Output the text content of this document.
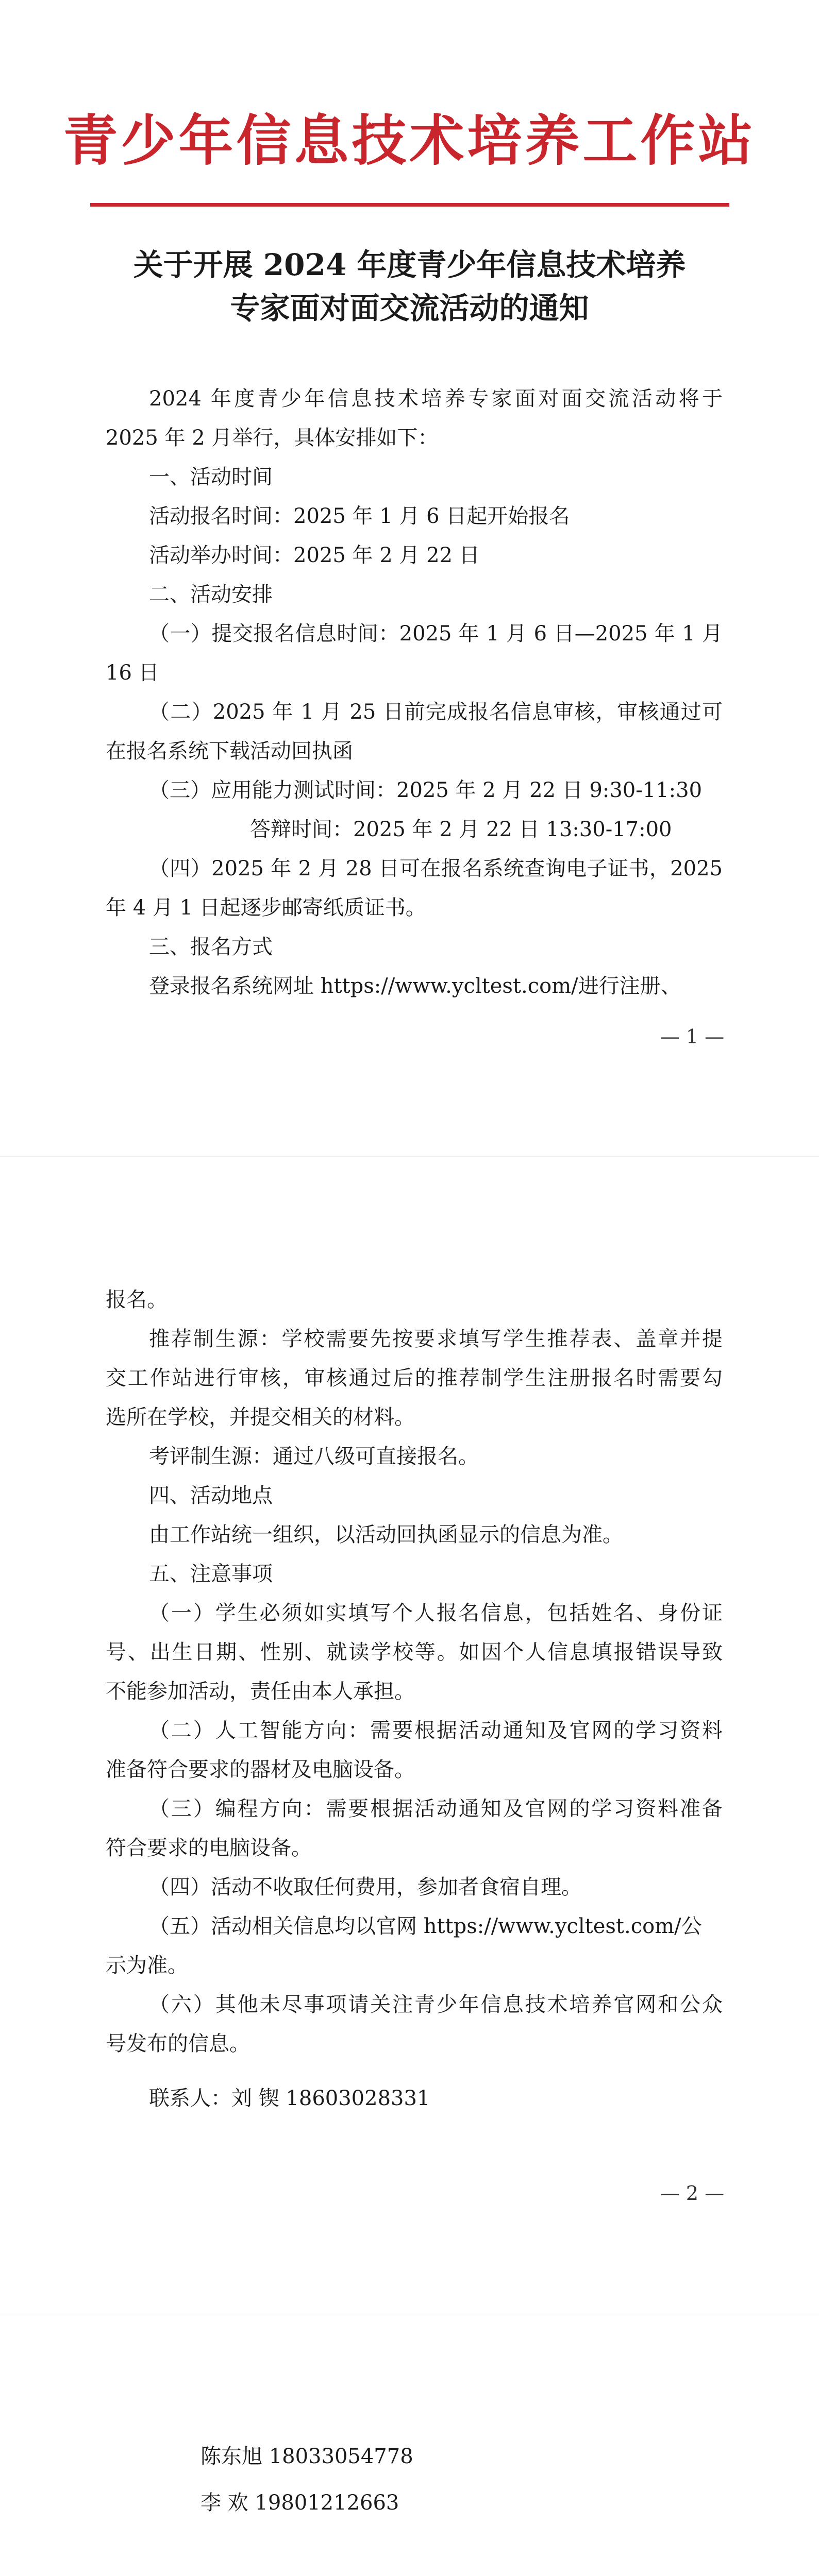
青少年信息技术培养工作站
关于开展 2024 年度青少年信息技术培养
专家面对面交流活动的通知
2024 年度青少年信息技术培养专家面对面交流活动将于
2025 年 2 月举行，具体安排如下：
一、活动时间
活动报名时间：2025 年 1 月 6 日起开始报名
活动举办时间：2025 年 2 月 22 日
二、活动安排
（一）提交报名信息时间：2025 年 1 月 6 日—2025 年 1 月
16 日
（二）2025 年 1 月 25 日前完成报名信息审核，审核通过可
在报名系统下载活动回执函
（三）应用能力测试时间：2025 年 2 月 22 日 9:30-11:30
答辩时间：2025 年 2 月 22 日 13:30-17:00
（四）2025 年 2 月 28 日可在报名系统查询电子证书，2025
年 4 月 1 日起逐步邮寄纸质证书。
三、报名方式
登录报名系统网址 https://www.ycltest.com/进行注册、
— 1 —
报名。
推荐制生源：学校需要先按要求填写学生推荐表、盖章并提
交工作站进行审核，审核通过后的推荐制学生注册报名时需要勾
选所在学校，并提交相关的材料。
考评制生源：通过八级可直接报名。
四、活动地点
由工作站统一组织，以活动回执函显示的信息为准。
五、注意事项
（一）学生必须如实填写个人报名信息，包括姓名、身份证
号、出生日期、性别、就读学校等。如因个人信息填报错误导致
不能参加活动，责任由本人承担。
（二）人工智能方向：需要根据活动通知及官网的学习资料
准备符合要求的器材及电脑设备。
（三）编程方向：需要根据活动通知及官网的学习资料准备
符合要求的电脑设备。
（四）活动不收取任何费用，参加者食宿自理。
（五）活动相关信息均以官网 https://www.ycltest.com/公
示为准。
（六）其他未尽事项请关注青少年信息技术培养官网和公众
号发布的信息。
联系人：刘 锲 18603028331
— 2 —
陈东旭 18033054778
李 欢 19801212663
